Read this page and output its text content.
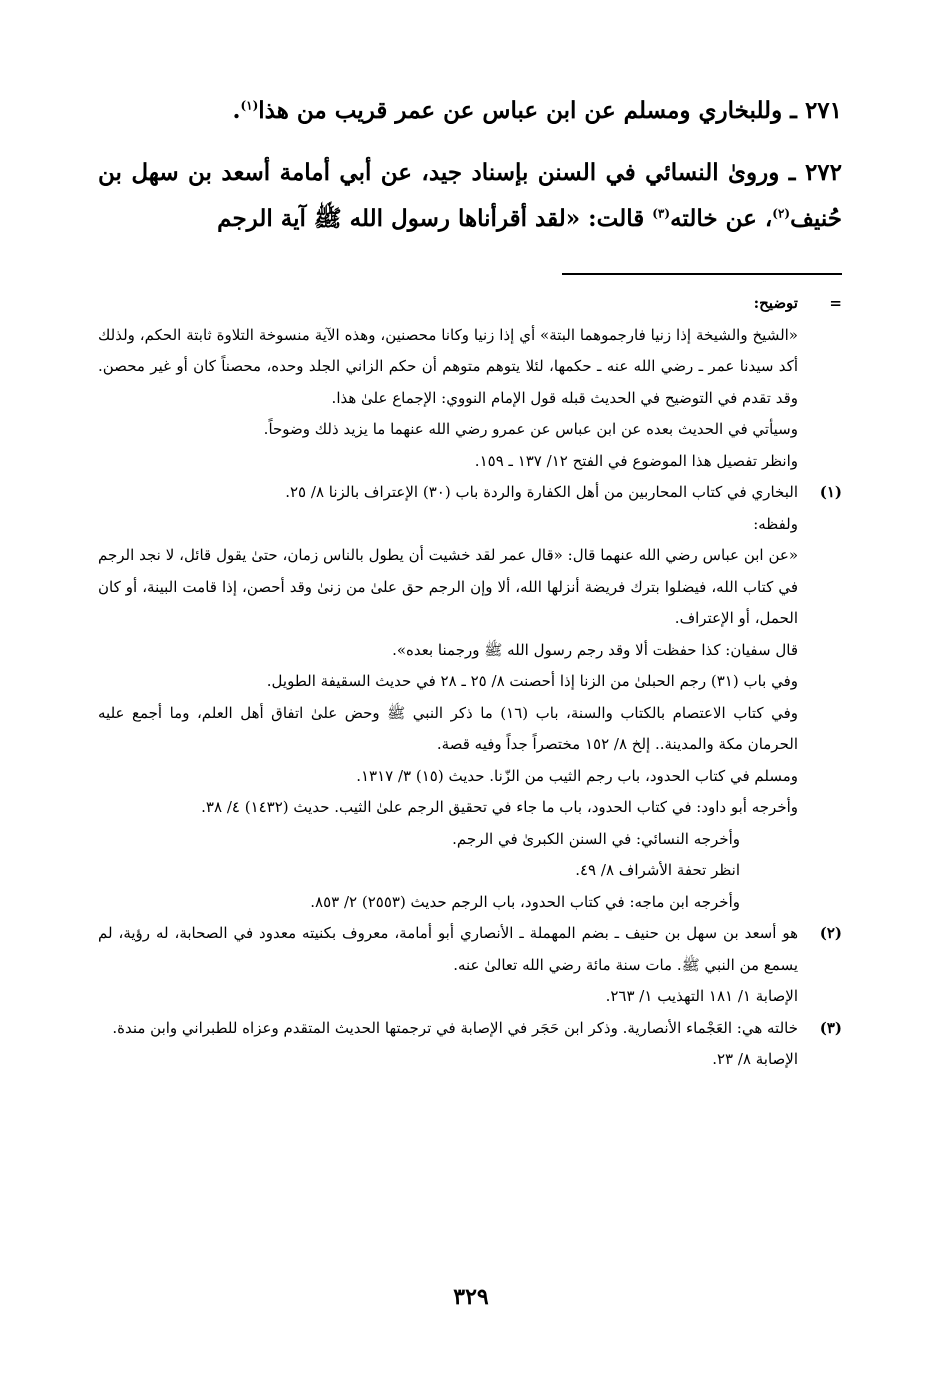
٢٧١ ـ وللبخاري ومسلم عن ابن عباس عن عمر قريب من هذا$^{(١)}$.

٢٧٢ ـ وروىٰ النسائي في السنن بإسناد جيد، عن أبي أمامة أسعد بن سهل بن حُنيف$^{(٢)}$، عن خالته$^{(٣)}$ قالت: «لقد أقرأناها رسول الله ﷺ آية الرجم

=
توضيح:
«الشيخ والشيخة إذا زنيا فارجموهما البتة» أي إذا زنيا وكانا محصنين، وهذه الآية منسوخة التلاوة ثابتة الحكم، ولذلك أكد سيدنا عمر ـ رضي الله عنه ـ حكمها، لئلا يتوهم متوهم أن حكم الزاني الجلد وحده، محصناً كان أو غير محصن. وقد تقدم في التوضيح في الحديث قبله قول الإمام النووي: الإجماع علىٰ هذا.
وسيأتي في الحديث بعده عن ابن عباس عن عمرو رضي الله عنهما ما يزيد ذلك وضوحاً.
وانظر تفصيل هذا الموضوع في الفتح ١٢/ ١٣٧ ـ ١٥٩.
(١)
البخاري في كتاب المحاربين من أهل الكفارة والردة باب (٣٠) الإعتراف بالزنا ٨/ ٢٥.
ولفظه:
«عن ابن عباس رضي الله عنهما قال: «قال عمر لقد خشيت أن يطول بالناس زمان، حتىٰ يقول قائل، لا نجد الرجم في كتاب الله، فيضلوا بترك فريضة أنزلها الله، ألا وإن الرجم حق علىٰ من زنىٰ وقد أحصن، إذا قامت البينة، أو كان الحمل، أو الإعتراف.
قال سفيان: كذا حفظت ألا وقد رجم رسول الله ﷺ ورجمنا بعده».
وفي باب (٣١) رجم الحبلىٰ من الزنا إذا أحصنت ٨/ ٢٥ ـ ٢٨ في حديث السقيفة الطويل.
وفي كتاب الاعتصام بالكتاب والسنة، باب (١٦) ما ذكر النبي ﷺ وحض علىٰ اتفاق أهل العلم، وما أجمع عليه الحرمان مكة والمدينة.. إلخ ٨/ ١٥٢ مختصراً جداً وفيه قصة.
ومسلم في كتاب الحدود، باب رجم الثيب من الزّنا. حديث (١٥) ٣/ ١٣١٧.
وأخرجه أبو داود: في كتاب الحدود، باب ما جاء في تحقيق الرجم علىٰ الثيب. حديث (١٤٣٢) ٤/ ٣٨.
وأخرجه النسائي: في السنن الكبرىٰ في الرجم.
انظر تحفة الأشراف ٨/ ٤٩.
وأخرجه ابن ماجه: في كتاب الحدود، باب الرجم حديث (٢٥٥٣) ٢/ ٨٥٣.
(٢)
هو أسعد بن سهل بن حنيف ـ بضم المهملة ـ الأنصاري أبو أمامة، معروف بكنيته معدود في الصحابة، له رؤية، لم يسمع من النبي ﷺ. مات سنة مائة رضي الله تعالىٰ عنه.
الإصابة ١/ ١٨١ التهذيب ١/ ٢٦٣.
(٣)
خالته هي: العَجْماء الأنصارية. وذكر ابن حَجَر في الإصابة في ترجمتها الحديث المتقدم وعزاه للطبراني وابن مندة.
الإصابة ٨/ ٢٣.
٣٢٩
